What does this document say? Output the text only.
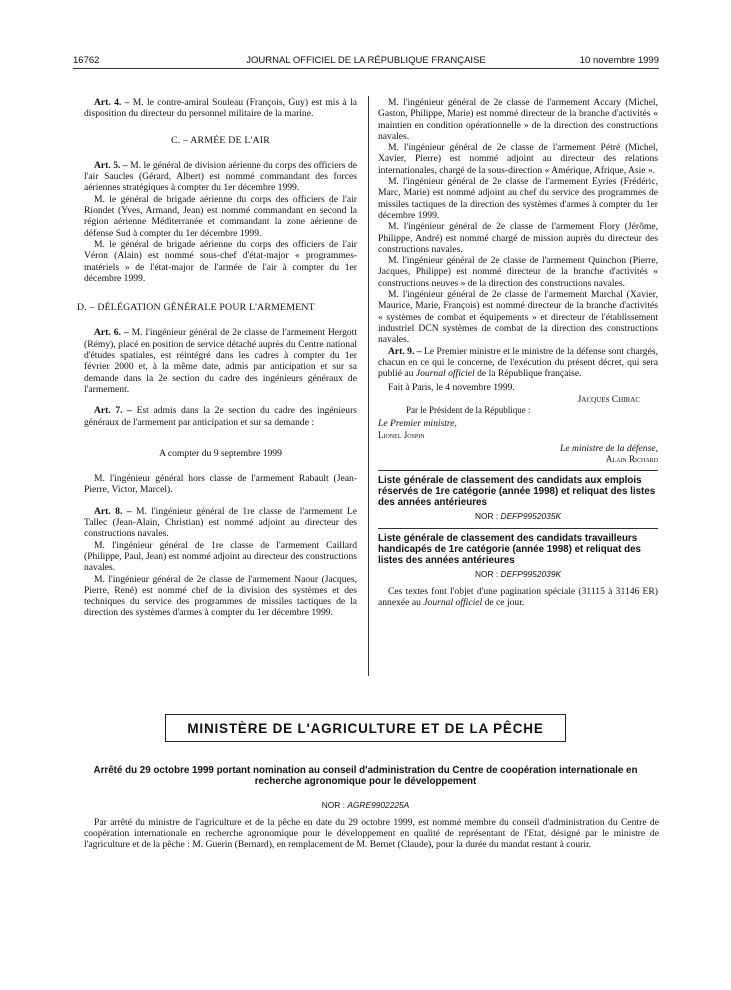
JOURNAL OFFICIEL DE LA RÉPUBLIQUE FRANÇAISE
16762	10 novembre 1999

Art. 4. – M. le contre-amiral Souleau (François, Guy) est mis à la disposition du directeur du personnel militaire de la marine.

C. – ARMÉE DE L'AIR

Art. 5. – M. le général de division aérienne du corps des officiers de l'air Saucles (Gérard, Albert) est nommé commandant des forces aériennes stratégiques à compter du 1er décembre 1999.

M. le général de brigade aérienne du corps des officiers de l'air Riondet (Yves, Armand, Jean) est nommé commandant en second la région aérienne Méditerranée et commandant la zone aérienne de défense Sud à compter du 1er décembre 1999.

M. le général de brigade aérienne du corps des officiers de l'air Véron (Alain) est nommé sous-chef d'état-major « programmes-matériels » de l'état-major de l'armée de l'air à compter du 1er décembre 1999.

D. – DÉLÉGATION GÉNÉRALE POUR L'ARMEMENT

Art. 6. – M. l'ingénieur général de 2e classe de l'armement Hergott (Rémy), placé en position de service détaché auprès du Centre national d'études spatiales, est réintégré dans les cadres à compter du 1er février 2000 et, à la même date, admis par anticipation et sur sa demande dans la 2e section du cadre des ingénieurs généraux de l'armement.

Art. 7. – Est admis dans la 2e section du cadre des ingénieurs généraux de l'armement par anticipation et sur sa demande :

A compter du 9 septembre 1999

M. l'ingénieur général hors classe de l'armement Rabault (Jean-Pierre, Victor, Marcel).

Art. 8. – M. l'ingénieur général de 1re classe de l'armement Le Tallec (Jean-Alain, Christian) est nommé adjoint au directeur des constructions navales.

M. l'ingénieur général de 1re classe de l'armement Caillard (Philippe, Paul, Jean) est nommé adjoint au directeur des constructions navales.

M. l'ingénieur général de 2e classe de l'armement Naour (Jacques, Pierre, René) est nommé chef de la division des systèmes et des techniques du service des programmes de missiles tactiques de la direction des systèmes d'armes à compter du 1er décembre 1999.

M. l'ingénieur général de 2e classe de l'armement Accary (Michel, Gaston, Philippe, Marie) est nommé directeur de la branche d'activités « maintien en condition opérationnelle » de la direction des constructions navales.

M. l'ingénieur général de 2e classe de l'armement Pétré (Michel, Xavier, Pierre) est nommé adjoint au directeur des relations internationales, chargé de la sous-direction « Amérique, Afrique, Asie ».

M. l'ingénieur général de 2e classe de l'armement Eyries (Frédéric, Marc, Marie) est nommé adjoint au chef du service des programmes de missiles tactiques de la direction des systèmes d'armes à compter du 1er décembre 1999.

M. l'ingénieur général de 2e classe de l'armement Flory (Jérôme, Philippe, André) est nommé chargé de mission auprès du directeur des constructions navales.

M. l'ingénieur général de 2e classe de l'armement Quinchon (Pierre, Jacques, Philippe) est nommé directeur de la branche d'activités « constructions neuves » de la direction des constructions navales.

M. l'ingénieur général de 2e classe de l'armement Marchal (Xavier, Maurice, Marie, François) est nommé directeur de la branche d'activités « systèmes de combat et équipements » et directeur de l'établissement industriel DCN systèmes de combat de la direction des constructions navales.

Art. 9. – Le Premier ministre et le ministre de la défense sont chargés, chacun en ce qui le concerne, de l'exécution du présent décret, qui sera publié au Journal officiel de la République française.

Fait à Paris, le 4 novembre 1999.

Jacques Chirac
Par le Président de la République :
Le Premier ministre,
Lionel Jospin
Le ministre de la défense,
Alain Richard
Liste générale de classement des candidats aux emplois réservés de 1re catégorie (année 1998) et reliquat des listes des années antérieures
NOR : DEFP9952035K
Liste générale de classement des candidats travailleurs handicapés de 1re catégorie (année 1998) et reliquat des listes des années antérieures
NOR : DEFP9952039K

Ces textes font l'objet d'une pagination spéciale (31115 à 31146 ER) annexée au Journal officiel de ce jour.

MINISTÈRE DE L'AGRICULTURE ET DE LA PÊCHE
Arrêté du 29 octobre 1999 portant nomination au conseil d'administration du Centre de coopération internationale en recherche agronomique pour le développement
NOR : AGRE9902225A

Par arrêté du ministre de l'agriculture et de la pêche en date du 29 octobre 1999, est nommé membre du conseil d'administration du Centre de coopération internationale en recherche agronomique pour le développement en qualité de représentant de l'Etat, désigné par le ministre de l'agriculture et de la pêche : M. Guerin (Bernard), en remplacement de M. Bernet (Claude), pour la durée du mandat restant à courir.
